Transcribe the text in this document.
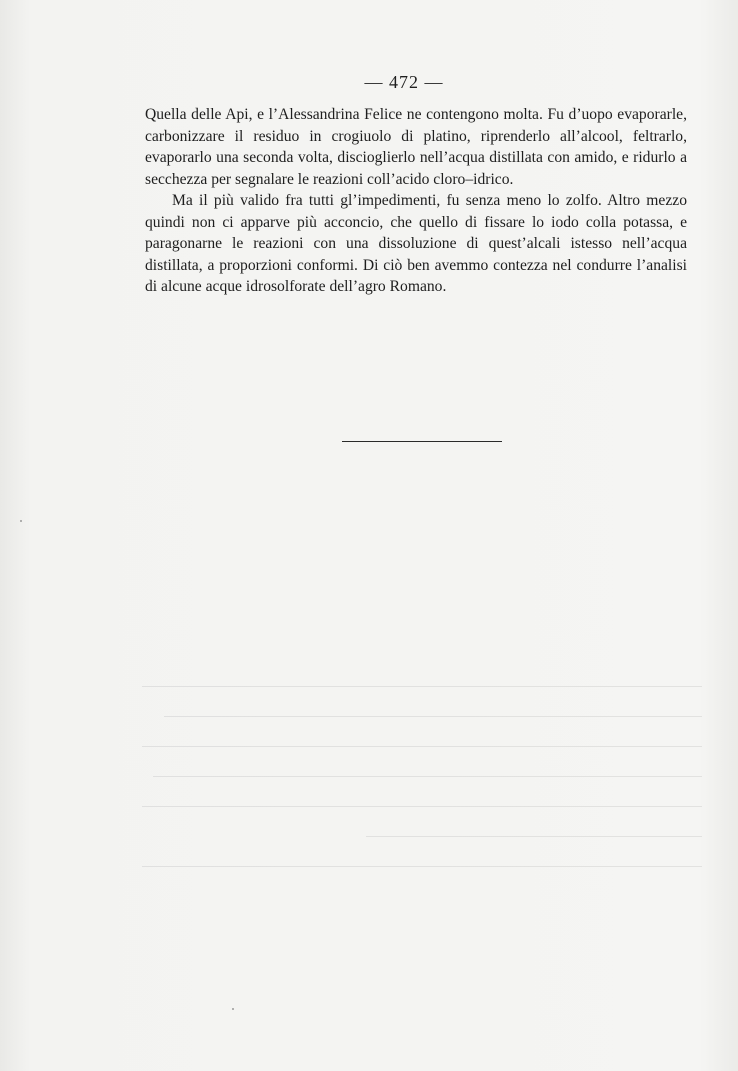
— 472 —

Quella delle Api, e l’Alessandrina Felice ne contengono molta. Fu d’uopo evaporarle, carbonizzare il residuo in crogiuolo di platino, riprenderlo all’alcool, feltrarlo, evaporarlo una seconda volta, discioglierlo nell’acqua distillata con amido, e ridurlo a secchezza per segnalare le reazioni coll’acido cloro–idrico.

Ma il più valido fra tutti gl’impedimenti, fu senza meno lo zolfo. Altro mezzo quindi non ci apparve più acconcio, che quello di fissare lo iodo colla potassa, e paragonarne le reazioni con una dissoluzione di quest’alcali istesso nell’acqua distillata, a proporzioni conformi. Di ciò ben avemmo contezza nel condurre l’analisi di alcune acque idrosolforate dell’agro Romano.
